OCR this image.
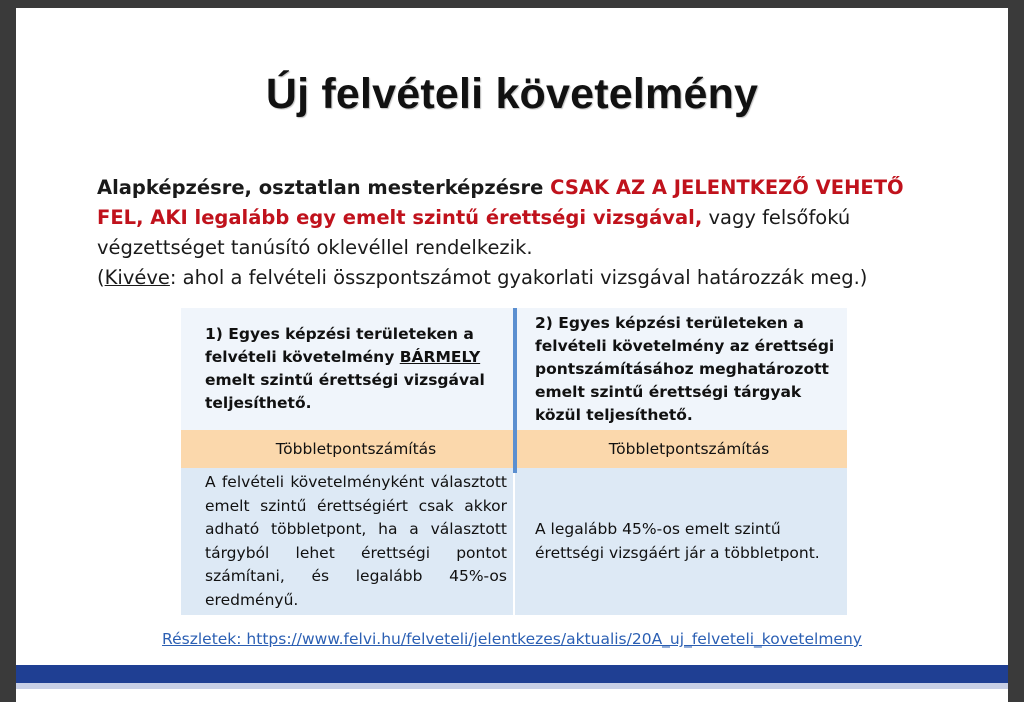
Új felvételi követelmény
Alapképzésre, osztatlan mesterképzésre CSAK AZ A JELENTKEZŐ VEHETŐ FEL, AKI legalább egy emelt szintű érettségi vizsgával, vagy felsőfokú végzettséget tanúsító oklevéllel rendelkezik.
(Kivéve: ahol a felvételi összpontszámot gyakorlati vizsgával határozzák meg.)
1) Egyes képzési területeken a felvételi követelmény BÁRMELY emelt szintű érettségi vizsgával teljesíthető.	2) Egyes képzési területeken a felvételi követelmény az érettségi pontszámításához meghatározott emelt szintű érettségi tárgyak közül teljesíthető.
Többletpontszámítás	Többletpontszámítás
A felvételi követelményként választott emelt szintű érettségiért csak akkor adható többletpont, ha a választott tárgyból lehet érettségi pontot számítani, és legalább 45%-os eredményű.	A legalább 45%-os emelt szintű érettségi vizsgáért jár a többletpont.
Részletek: https://www.felvi.hu/felveteli/jelentkezes/aktualis/20A_uj_felveteli_kovetelmeny
